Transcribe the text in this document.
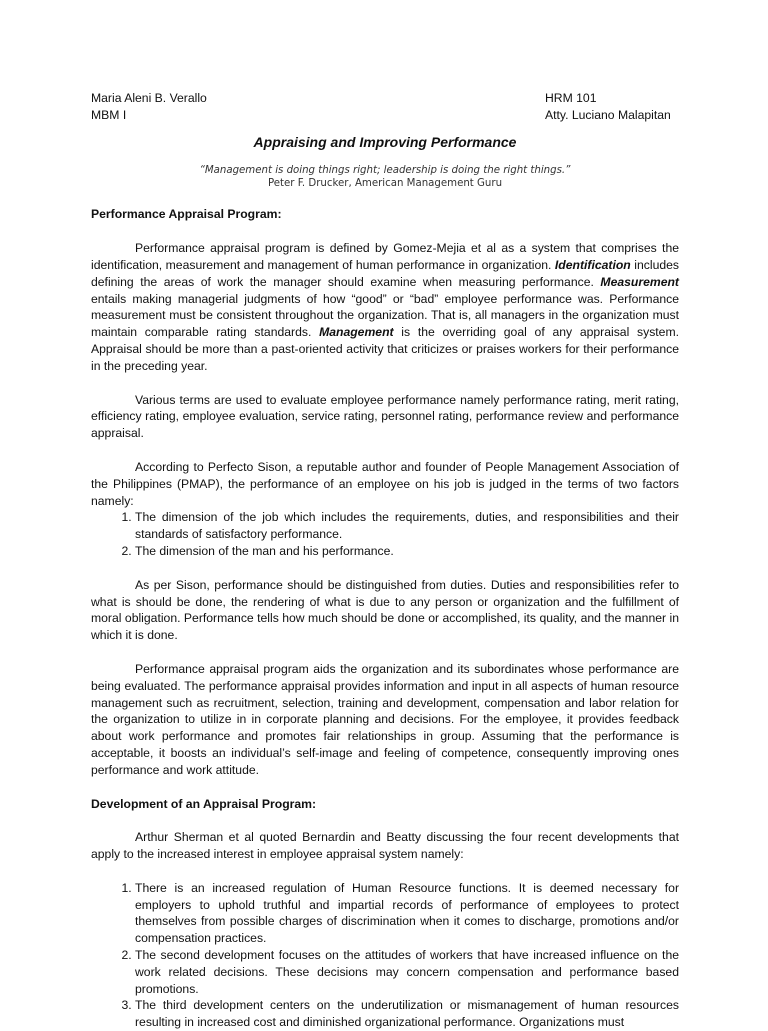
Maria Aleni B. Verallo	HRM 101
MBM I	Atty. Luciano Malapitan
Appraising and Improving Performance
“Management is doing things right; leadership is doing the right things.”
Peter F. Drucker, American Management Guru
Performance Appraisal Program:

Performance appraisal program is defined by Gomez-Mejia et al as a system that comprises the identification, measurement and management of human performance in organization. Identification includes defining the areas of work the manager should examine when measuring performance. Measurement entails making managerial judgments of how “good” or “bad” employee performance was. Performance measurement must be consistent throughout the organization. That is, all managers in the organization must maintain comparable rating standards. Management is the overriding goal of any appraisal system. Appraisal should be more than a past-oriented activity that criticizes or praises workers for their performance in the preceding year.

Various terms are used to evaluate employee performance namely performance rating, merit rating, efficiency rating, employee evaluation, service rating, personnel rating, performance review and performance appraisal.

According to Perfecto Sison, a reputable author and founder of People Management Association of the Philippines (PMAP), the performance of an employee on his job is judged in the terms of two factors namely:

1. The dimension of the job which includes the requirements, duties, and responsibilities and their standards of satisfactory performance.
2. The dimension of the man and his performance.

As per Sison, performance should be distinguished from duties. Duties and responsibilities refer to what is should be done, the rendering of what is due to any person or organization and the fulfillment of moral obligation. Performance tells how much should be done or accomplished, its quality, and the manner in which it is done.

Performance appraisal program aids the organization and its subordinates whose performance are being evaluated. The performance appraisal provides information and input in all aspects of human resource management such as recruitment, selection, training and development, compensation and labor relation for the organization to utilize in in corporate planning and decisions. For the employee, it provides feedback about work performance and promotes fair relationships in group. Assuming that the performance is acceptable, it boosts an individual’s self-image and feeling of competence, consequently improving ones performance and work attitude.

Development of an Appraisal Program:

Arthur Sherman et al quoted Bernardin and Beatty discussing the four recent developments that apply to the increased interest in employee appraisal system namely:

1. There is an increased regulation of Human Resource functions. It is deemed necessary for employers to uphold truthful and impartial records of performance of employees to protect themselves from possible charges of discrimination when it comes to discharge, promotions and/or compensation practices.
2. The second development focuses on the attitudes of workers that have increased influence on the work related decisions. These decisions may concern compensation and performance based promotions.
3. The third development centers on the underutilization or mismanagement of human resources resulting in increased cost and diminished organizational performance. Organizations must
